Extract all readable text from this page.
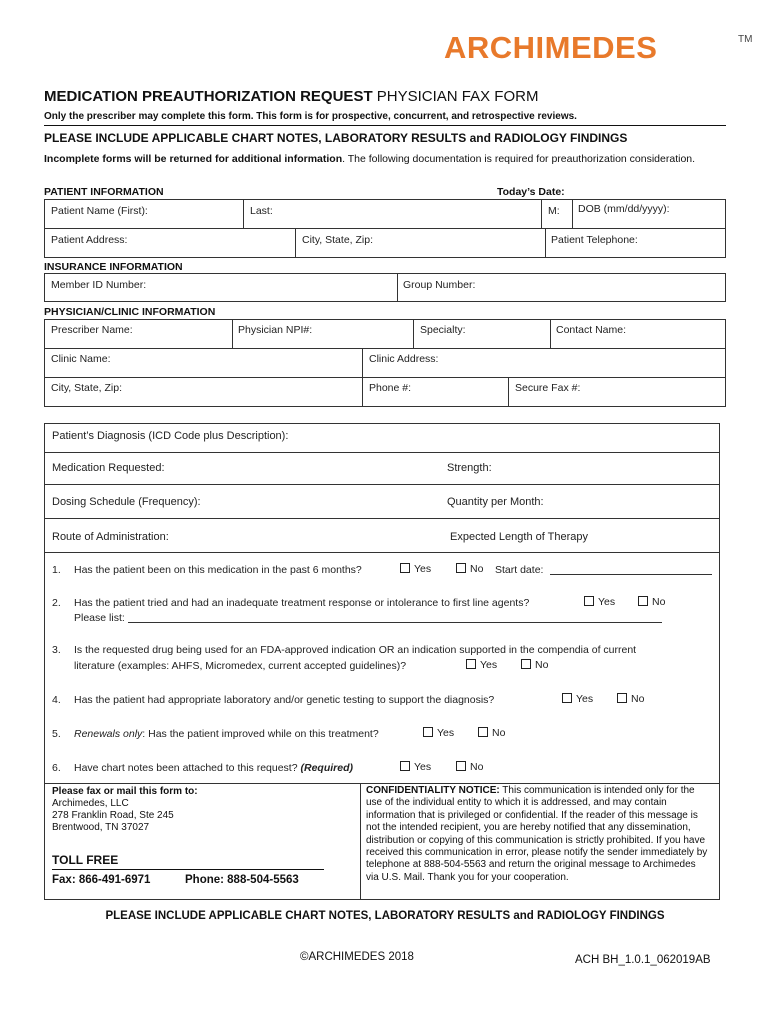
ARCHIMEDES	TM
MEDICATION PREAUTHORIZATION REQUEST PHYSICIAN FAX FORM
Only the prescriber may complete this form. This form is for prospective, concurrent, and retrospective reviews.
PLEASE INCLUDE APPLICABLE CHART NOTES, LABORATORY RESULTS and RADIOLOGY FINDINGS
Incomplete forms will be returned for additional information. The following documentation is required for preauthorization consideration.
PATIENT INFORMATION	Today’s Date:
Patient Name (First):	Last:	M: DOB (mm/dd/yyyy):
Patient Address:	City, State, Zip:	Patient Telephone:
INSURANCE INFORMATION
Member ID Number:	Group Number:
PHYSICIAN/CLINIC INFORMATION
Prescriber Name:	Physician NPI#:	Specialty:	Contact Name:
Clinic Name:	Clinic Address:
City, State, Zip:	Phone #:	Secure Fax #:
Patient’s Diagnosis (ICD Code plus Description):
Medication Requested:	Strength:
Dosing Schedule (Frequency):	Quantity per Month:
Route of Administration:	Expected Length of Therapy
1. Has the patient been on this medication in the past 6 months?	Yes	No Start date:
2. Has the patient tried and had an inadequate treatment response or intolerance to first line agents?	Yes	No
Please list:
3. Is the requested drug being used for an FDA-approved indication OR an indication supported in the compendia of current
literature (examples: AHFS, Micromedex, current accepted guidelines)?	Yes	No
4. Has the patient had appropriate laboratory and/or genetic testing to support the diagnosis?	Yes	No
5. Renewals only: Has the patient improved while on this treatment?	Yes	No
6. Have chart notes been attached to this request? (Required)	Yes	No
Please fax or mail this form to:
Archimedes, LLC
278 Franklin Road, Ste 245
Brentwood, TN 37027
TOLL FREE
Fax: 866-491-6971	Phone: 888-504-5563
CONFIDENTIALITY NOTICE: This communication is intended only for the use of the individual entity to which it is addressed, and may contain information that is privileged or confidential. If the reader of this message is not the intended recipient, you are hereby notified that any dissemination, distribution or copying of this communication is strictly prohibited. If you have received this communication in error, please notify the sender immediately by telephone at 888-504-5563 and return the original message to Archimedes via U.S. Mail. Thank you for your cooperation.
PLEASE INCLUDE APPLICABLE CHART NOTES, LABORATORY RESULTS and RADIOLOGY FINDINGS
©ARCHIMEDES 2018	ACH BH_1.0.1_062019AB
